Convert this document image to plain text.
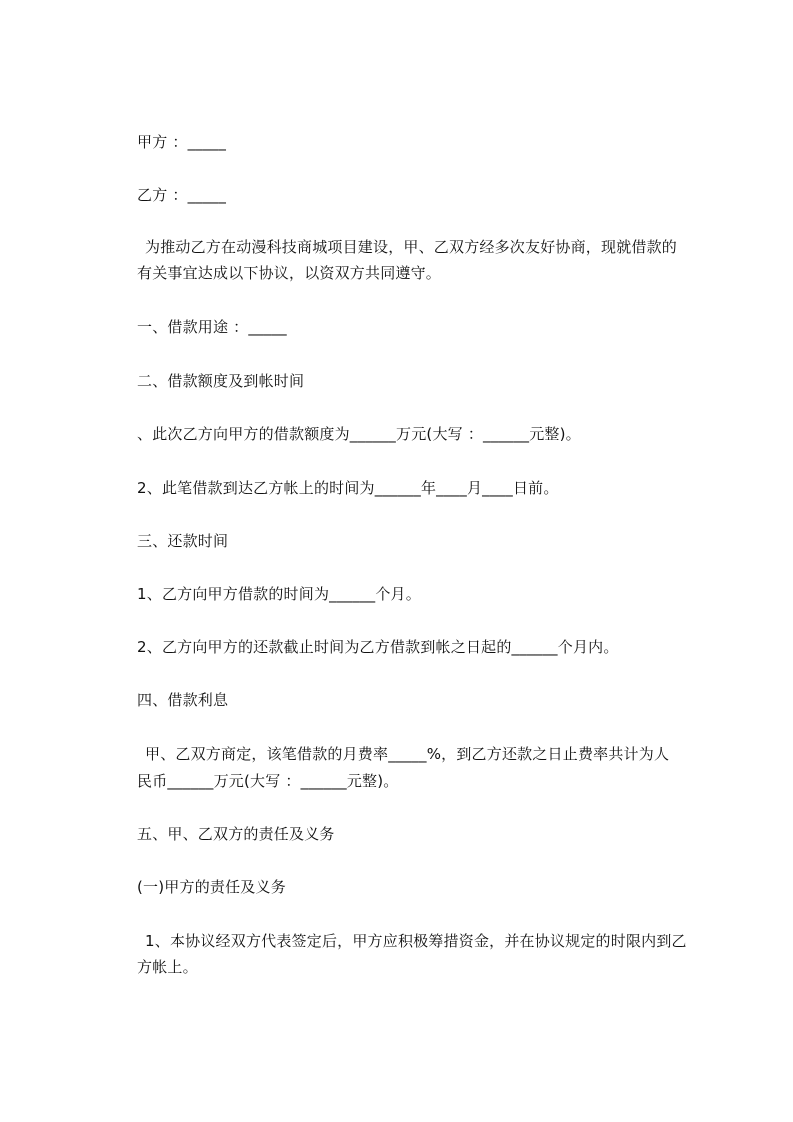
甲方 ：_____
乙方 ：_____
为推动乙方在动漫科技商城项目建设，甲、乙双方经多次友好协商，现就借款的
有关事宜达成以下协议，以资双方共同遵守。
一、借款用途 ：_____
二、借款额度及到帐时间
、此次乙方向甲方的借款额度为______万元(大写 ：______元整)。
2、此笔借款到达乙方帐上的时间为______年____月____日前。
三、还款时间
1、乙方向甲方借款的时间为______个月。
2、乙方向甲方的还款截止时间为乙方借款到帐之日起的______个月内。
四、借款利息
甲、乙双方商定，该笔借款的月费率_____%，到乙方还款之日止费率共计为人
民币______万元(大写 ：______元整)。
五、甲、乙双方的责任及义务
(一)甲方的责任及义务
1、本协议经双方代表签定后，甲方应积极筹措资金，并在协议规定的时限内到乙
方帐上。
